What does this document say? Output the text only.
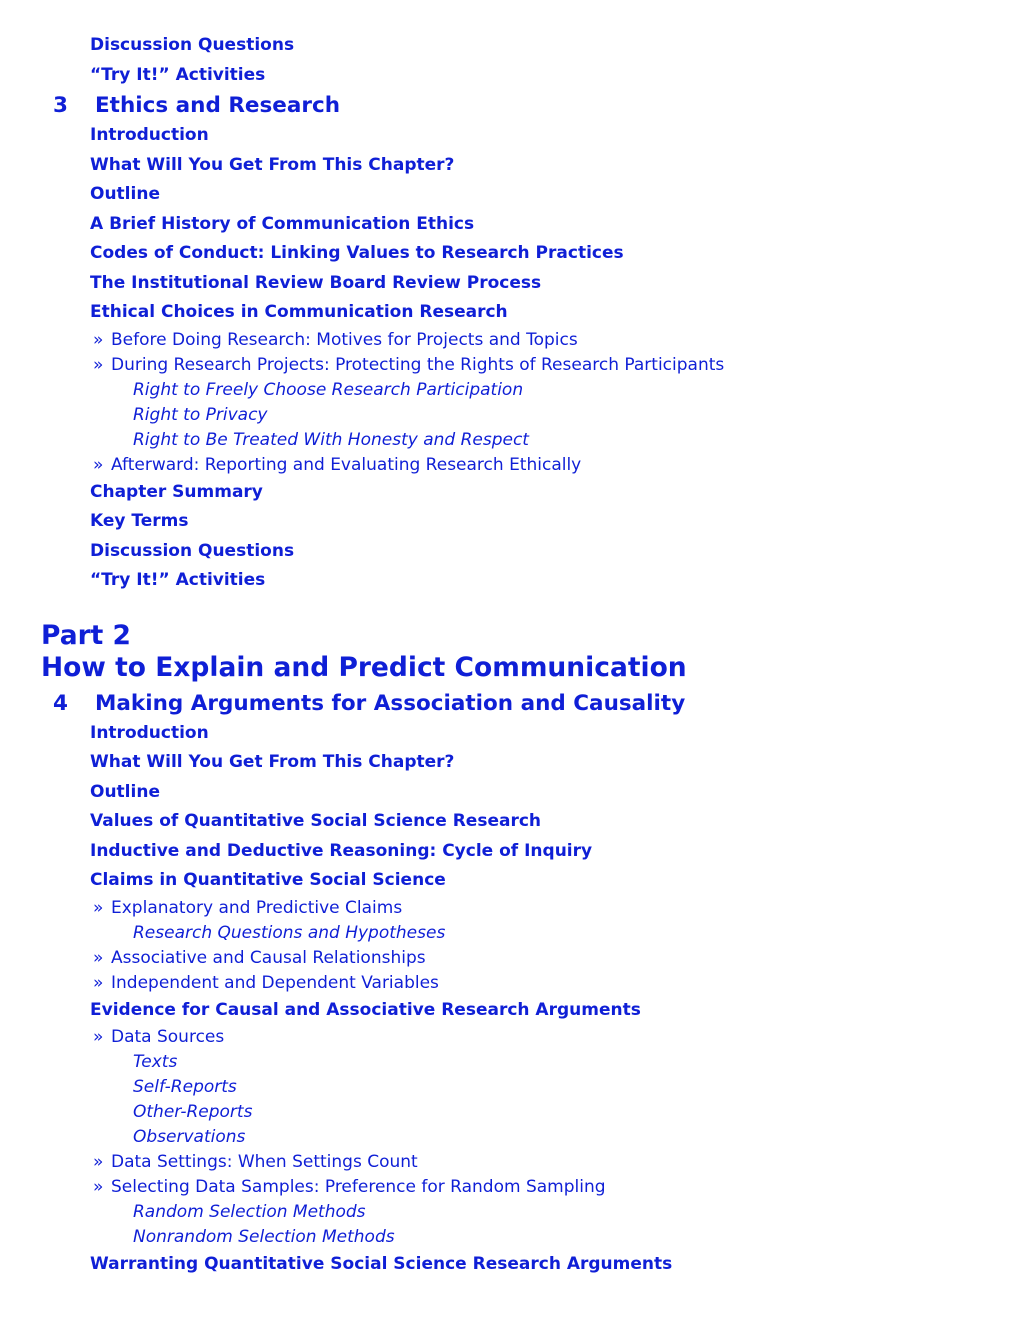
Discussion Questions
“Try It!” Activities
3 Ethics and Research
Introduction
What Will You Get From This Chapter?
Outline
A Brief History of Communication Ethics
Codes of Conduct: Linking Values to Research Practices
The Institutional Review Board Review Process
Ethical Choices in Communication Research
» Before Doing Research: Motives for Projects and Topics
» During Research Projects: Protecting the Rights of Research Participants
Right to Freely Choose Research Participation
Right to Privacy
Right to Be Treated With Honesty and Respect
» Afterward: Reporting and Evaluating Research Ethically
Chapter Summary
Key Terms
Discussion Questions
“Try It!” Activities
Part 2
How to Explain and Predict Communication
4 Making Arguments for Association and Causality
Introduction
What Will You Get From This Chapter?
Outline
Values of Quantitative Social Science Research
Inductive and Deductive Reasoning: Cycle of Inquiry
Claims in Quantitative Social Science
» Explanatory and Predictive Claims
Research Questions and Hypotheses
» Associative and Causal Relationships
» Independent and Dependent Variables
Evidence for Causal and Associative Research Arguments
» Data Sources
Texts
Self-Reports
Other-Reports
Observations
» Data Settings: When Settings Count
» Selecting Data Samples: Preference for Random Sampling
Random Selection Methods
Nonrandom Selection Methods
Warranting Quantitative Social Science Research Arguments
